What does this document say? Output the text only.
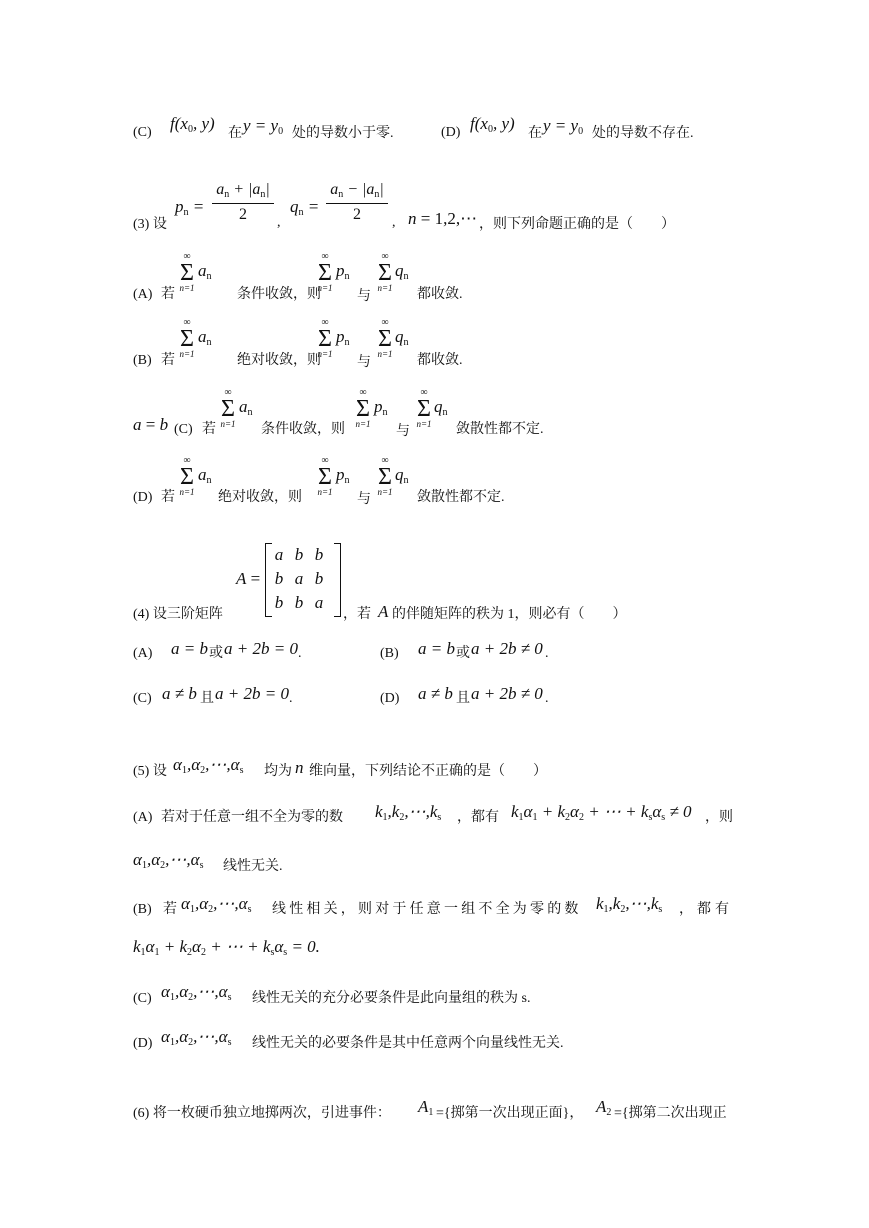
(C) $f(x_0$, y)
在 $y = y_0$ 处的导数小于零.	(D) $f(x_0$, y)
在 $y = y_0$ 处的导数不存在.
(3) 设
$p_n$ =
$a_n + |a_n|$
2	,
$q_n$ =
$a_n - |a_n|$
2	, n = 1,2,⋯ ，则下列命题正确的是（　　）
(A) 若
∞
Σ
n=1
$a_n$
条件收敛，则
∞
Σ
n=1
$p_n$
与
∞
Σ
n=1
$q_n$
都收敛.
(B) 若
∞
Σ
n=1
$a_n$
绝对收敛，则
∞
Σ
n=1
$p_n$
与
∞
Σ
n=1
$q_n$
都收敛.
a = b (C) 若
∞
Σ
n=1
$a_n$
条件收敛，则
∞
Σ
n=1
$p_n$
与
∞
Σ
n=1
$q_n$
敛散性都不定.
(D) 若
∞
Σ
n=1
$a_n$
绝对收敛，则
∞
Σ
n=1
$p_n$
与
∞
Σ
n=1
$q_n$
敛散性都不定.
(4) 设三阶矩阵
A =
a b b
b a b
b b a
，若 A 的伴随矩阵的秩为 1，则必有（　　）
(A) a = b 或 a + 2b = 0 .	(B) a = b 或 a + 2b ≠ 0 .
(C) a ≠ b 且 a + 2b = 0 .	(D) a ≠ b 且 a + 2b ≠ 0 .
(5) 设 $\alpha_1,\alpha_2,\cdots,\alpha_s$ 均为 n 维向量，下列结论不正确的是（　　）
(A) 若对于任意一组不全为零的数 $k_1,k_2,\cdots,k_s$ ，都有 $k_1\alpha_1 + k_2\alpha_2$ + ⋯ + $k_s\alpha_s \ne 0$ ，则
$\alpha_1,\alpha_2,\cdots,\alpha_s$ 线性无关.
(B) 若 $\alpha_1,\alpha_2,\cdots,\alpha_s$ 线性相关，则对于任意一组不全为零的数 $k_1,k_2,\cdots,k_s$ ，都有
$k_1\alpha_1 + k_2\alpha_2$ + ⋯ + $k_s\alpha_s = 0$.
(C) $\alpha_1,\alpha_2,\cdots,\alpha_s$ 线性无关的充分必要条件是此向量组的秩为 s.
(D) $\alpha_1,\alpha_2,\cdots,\alpha_s$ 线性无关的必要条件是其中任意两个向量线性无关.
(6) 将一枚硬币独立地掷两次，引进事件： $A_1$ ={掷第一次出现正面}， $A_2$ ={掷第二次出现正
